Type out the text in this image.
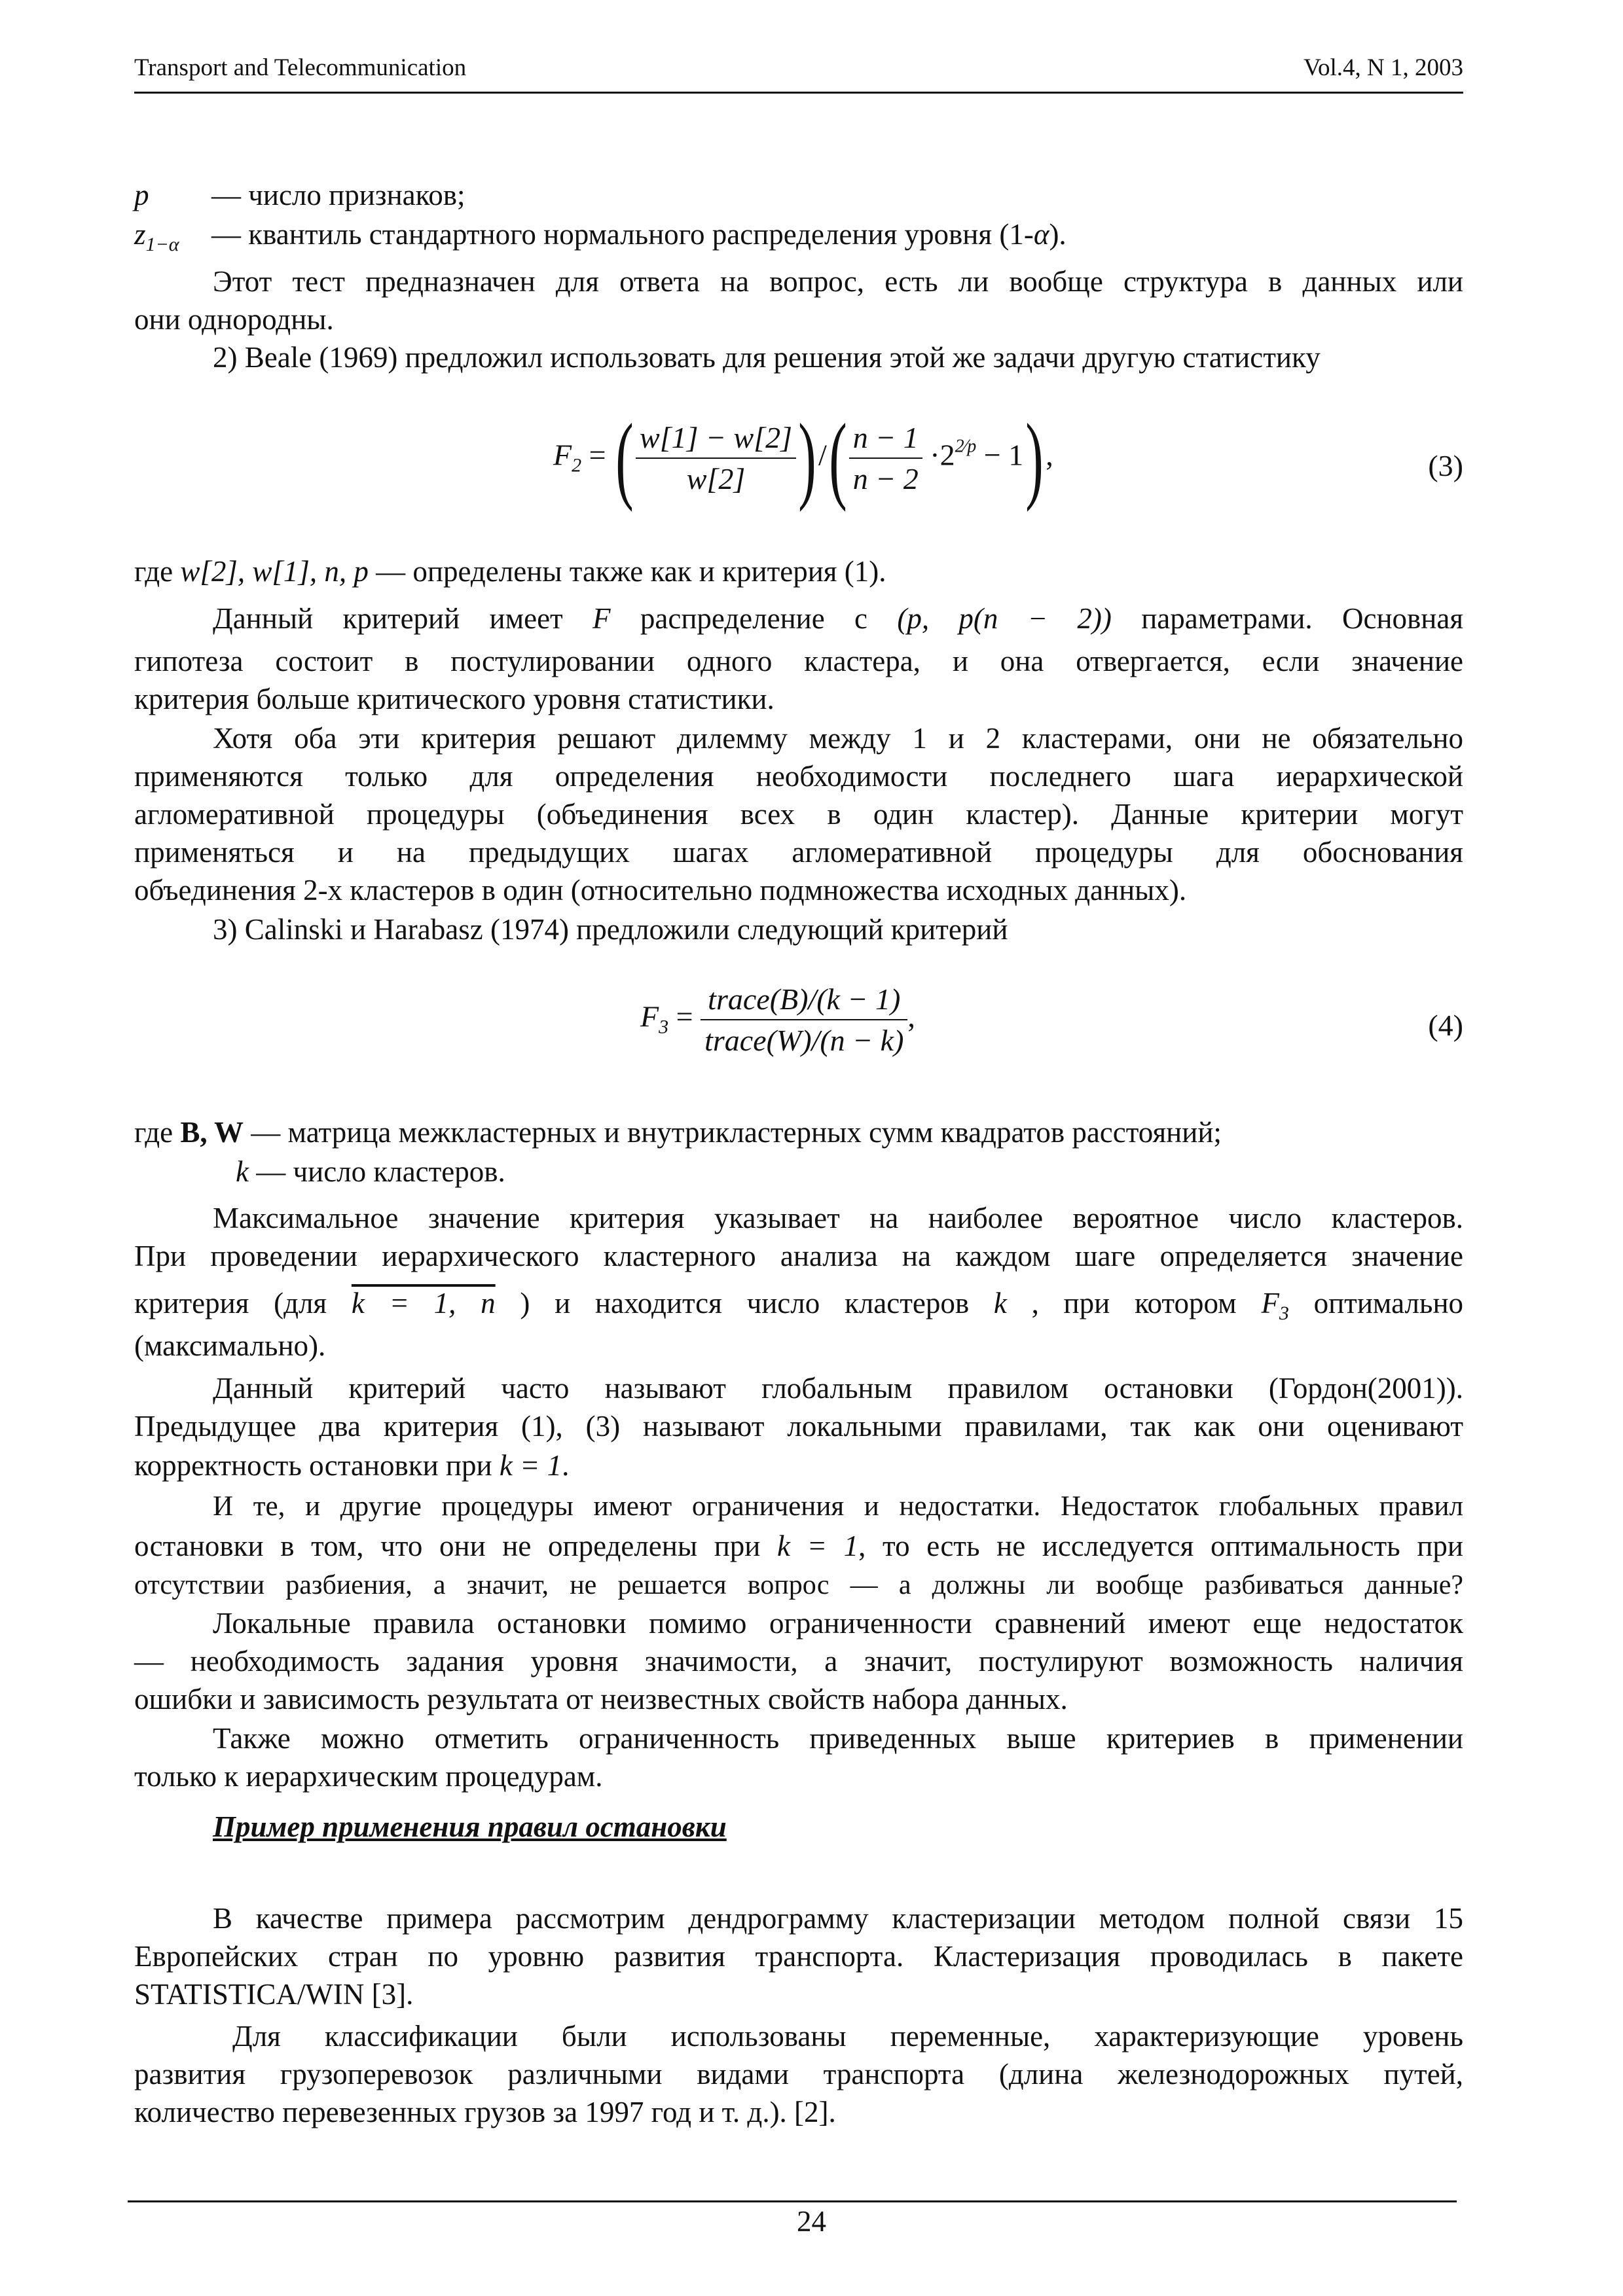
Transport and Telecommunication	Vol.4, N 1, 2003
p — число признаков;
$z_{1-\alpha}$ — квантиль стандартного нормального распределения уровня (1-α).
Этот тест предназначен для ответа на вопрос, есть ли вообще структура в данных или
они однородны.
2) Beale (1969) предложил использовать для решения этой же задачи другую статистику
$F_2$ = ( $\frac{w[1] - w[2]}{w[2]}$ )/( $\frac{n - 1}{n - 2} \cdot 2^{2⁄p} - 1$),	(3)
где w[2], w[1], n, p — определены также как и критерия (1).
Данный критерий имеет F распределение с (p, p(n − 2)) параметрами. Основная
гипотеза состоит в постулировании одного кластера, и она отвергается, если значение
критерия больше критического уровня статистики.
Хотя оба эти критерия решают дилемму между 1 и 2 кластерами, они не обязательно
применяются только для определения необходимости последнего шага иерархической
агломеративной процедуры (объединения всех в один кластер). Данные критерии могут
применяться и на предыдущих шагах агломеративной процедуры для обоснования
объединения 2-х кластеров в один (относительно подмножества исходных данных).
3) Calinski и Harabasz (1974) предложили следующий критерий
$F_3 = \frac{\text{trace(B)/(k − 1)}}{\text{trace(W)/(n − k)}}$ ,	(4)
где B, W — матрица межкластерных и внутрикластерных сумм квадратов расстояний;
k — число кластеров.
Максимальное значение критерия указывает на наиболее вероятное число кластеров.
При проведении иерархического кластерного анализа на каждом шаге определяется значение
критерия (для k = 1, n ) и находится число кластеров k , при котором $F_3$ оптимально
(максимально).
Данный критерий часто называют глобальным правилом остановки (Гордон(2001)).
Предыдущее два критерия (1), (3) называют локальными правилами, так как они оценивают
корректность остановки при k = 1.
И те, и другие процедуры имеют ограничения и недостатки. Недостаток глобальных правил
остановки в том, что они не определены при k = 1, то есть не исследуется оптимальность при
отсутствии разбиения, а значит, не решается вопрос — а должны ли вообще разбиваться данные?
Локальные правила остановки помимо ограниченности сравнений имеют еще недостаток
— необходимость задания уровня значимости, а значит, постулируют возможность наличия
ошибки и зависимость результата от неизвестных свойств набора данных.
Также можно отметить ограниченность приведенных выше критериев в применении
только к иерархическим процедурам.
Пример применения правил остановки
В качестве примера рассмотрим дендрограмму кластеризации методом полной связи 15
Европейских стран по уровню развития транспорта. Кластеризация проводилась в пакете
STATISTICA/WIN [3].
Для классификации были использованы переменные, характеризующие уровень
развития грузоперевозок различными видами транспорта (длина железнодорожных путей,
количество перевезенных грузов за 1997 год и т. д.). [2].
24
